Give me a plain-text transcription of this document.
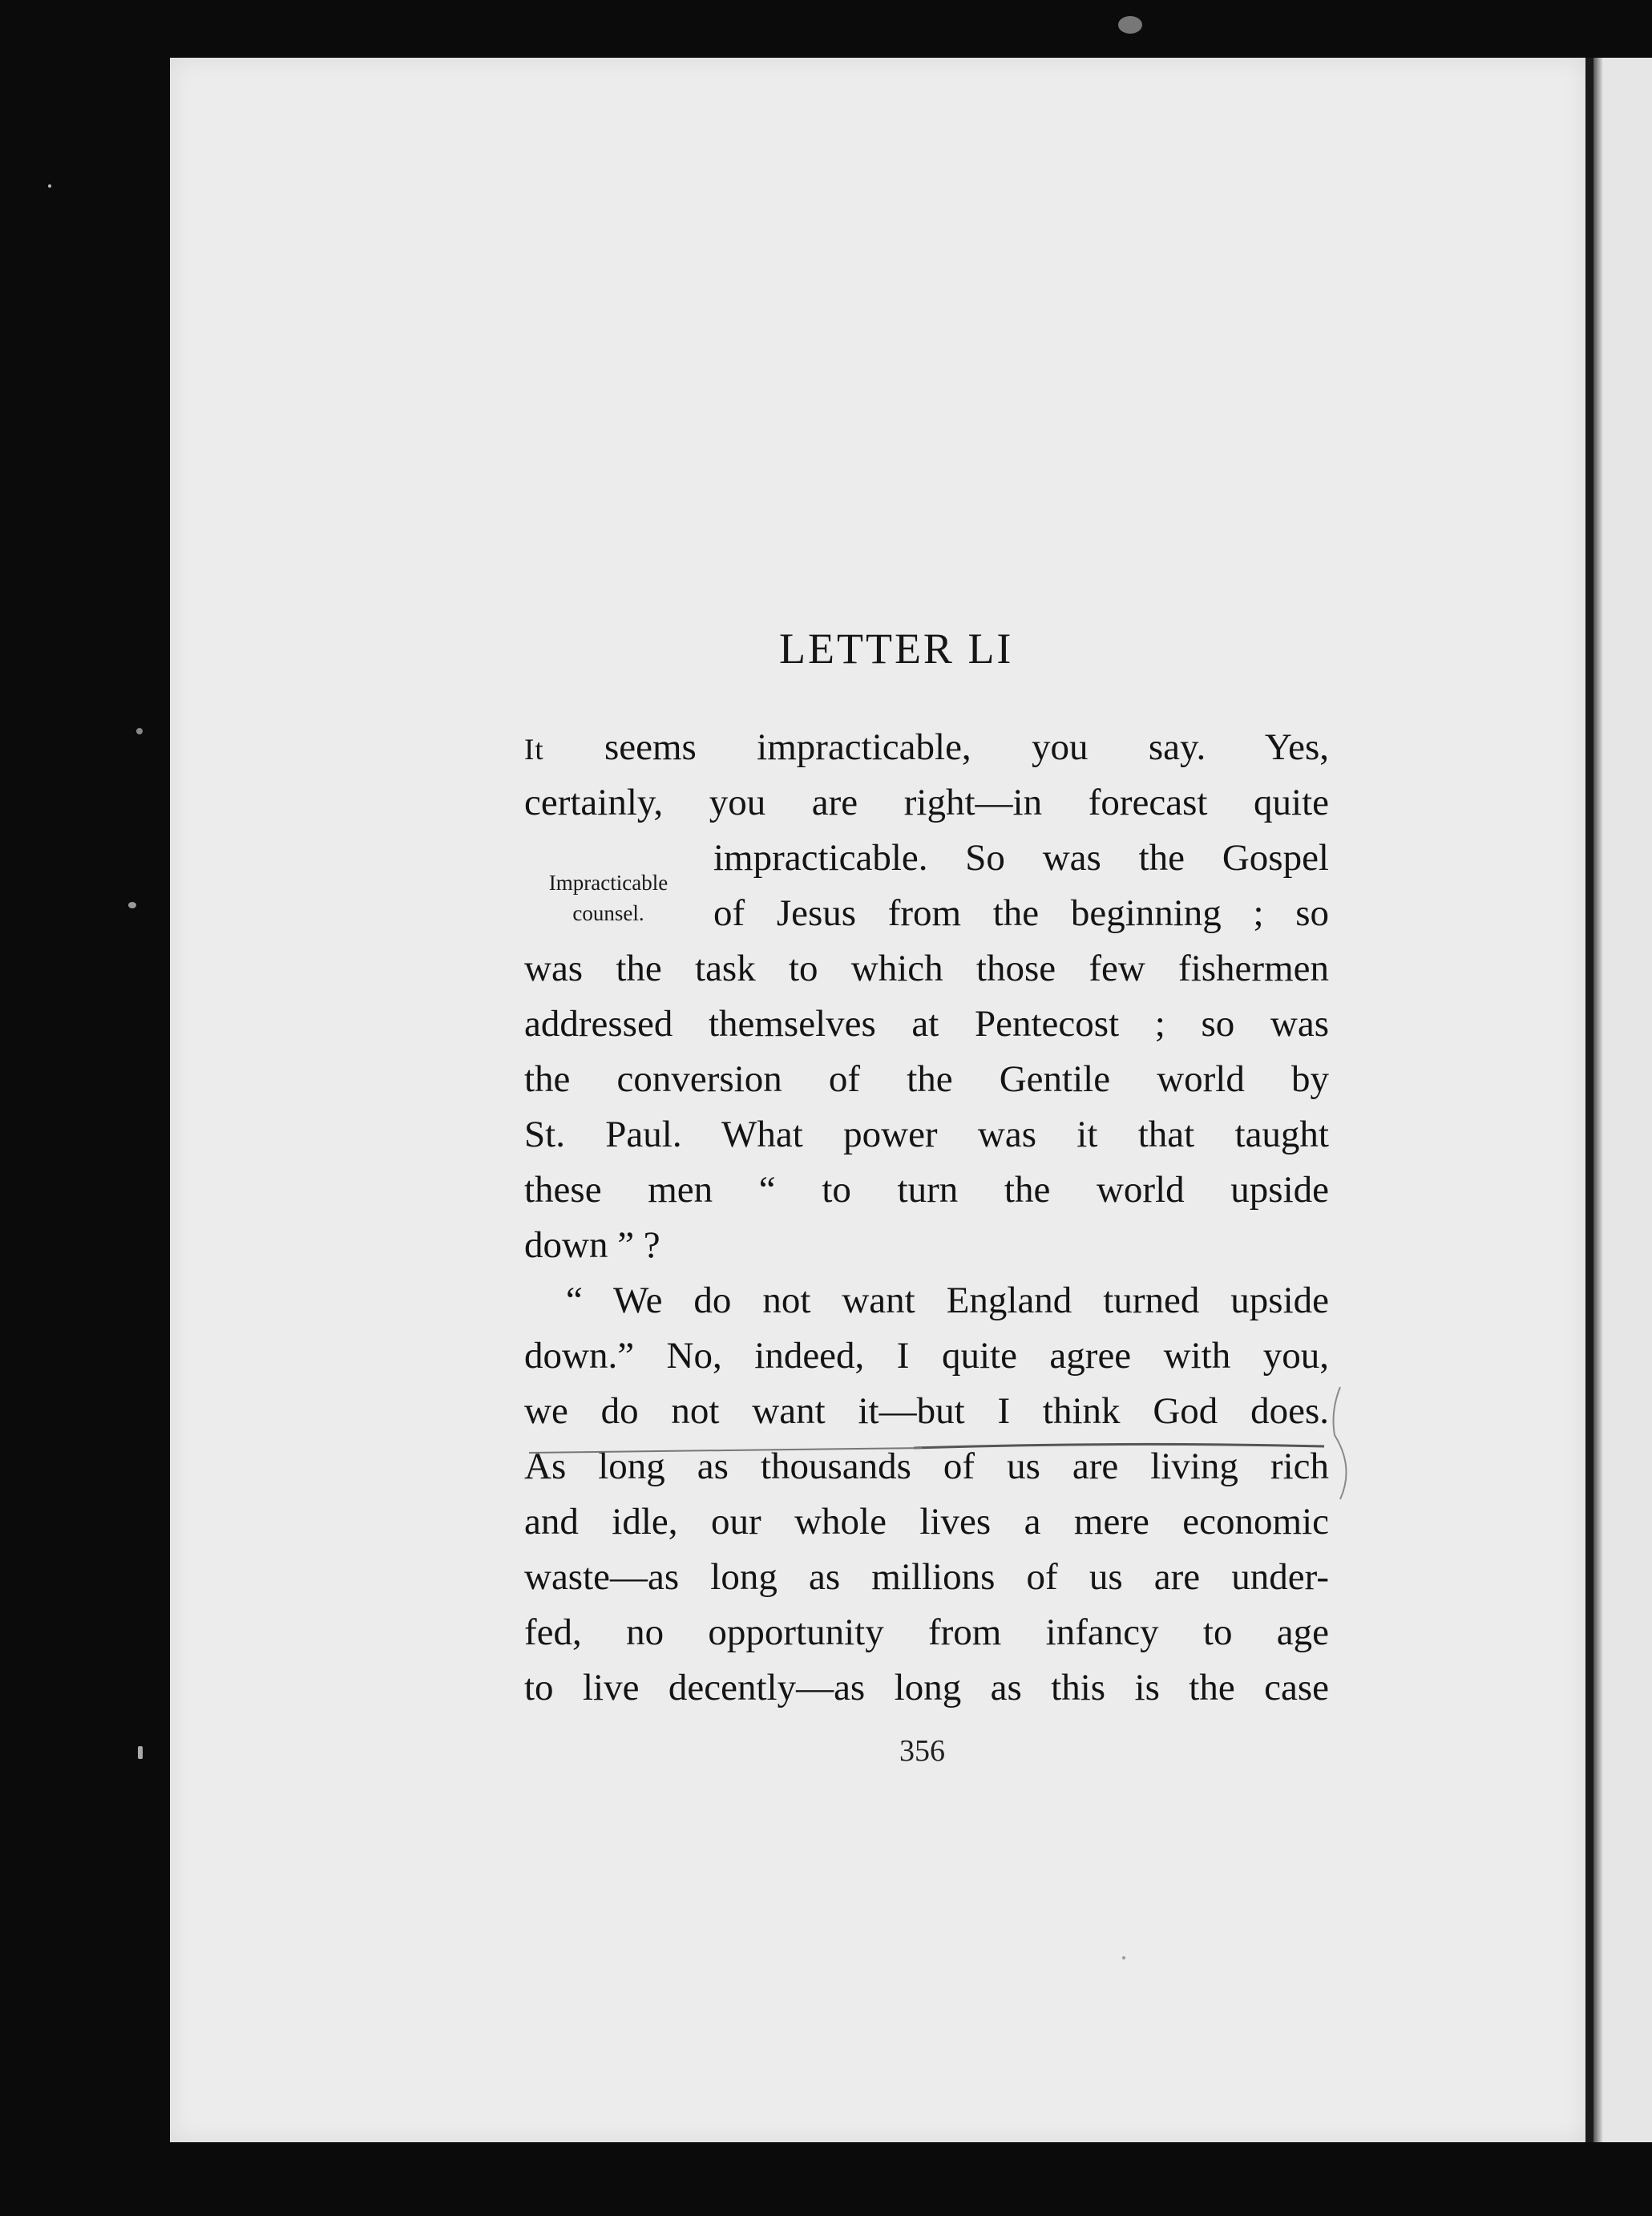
LETTER LI
Impracticable
counsel.
It seems impracticable, you say. Yes,
certainly, you are right—in forecast quite
impracticable. So was the Gospel
of Jesus from the beginning ; so
was the task to which those few fishermen
addressed themselves at Pentecost ; so was
the conversion of the Gentile world by
St. Paul. What power was it that taught
these men “ to turn the world upside
down ” ?
“ We do not want England turned upside
down.” No, indeed, I quite agree with you,
we do not want it—but I think God does.
As long as thousands of us are living rich
and idle, our whole lives a mere economic
waste—as long as millions of us are under-
fed, no opportunity from infancy to age
to live decently—as long as this is the case
356
